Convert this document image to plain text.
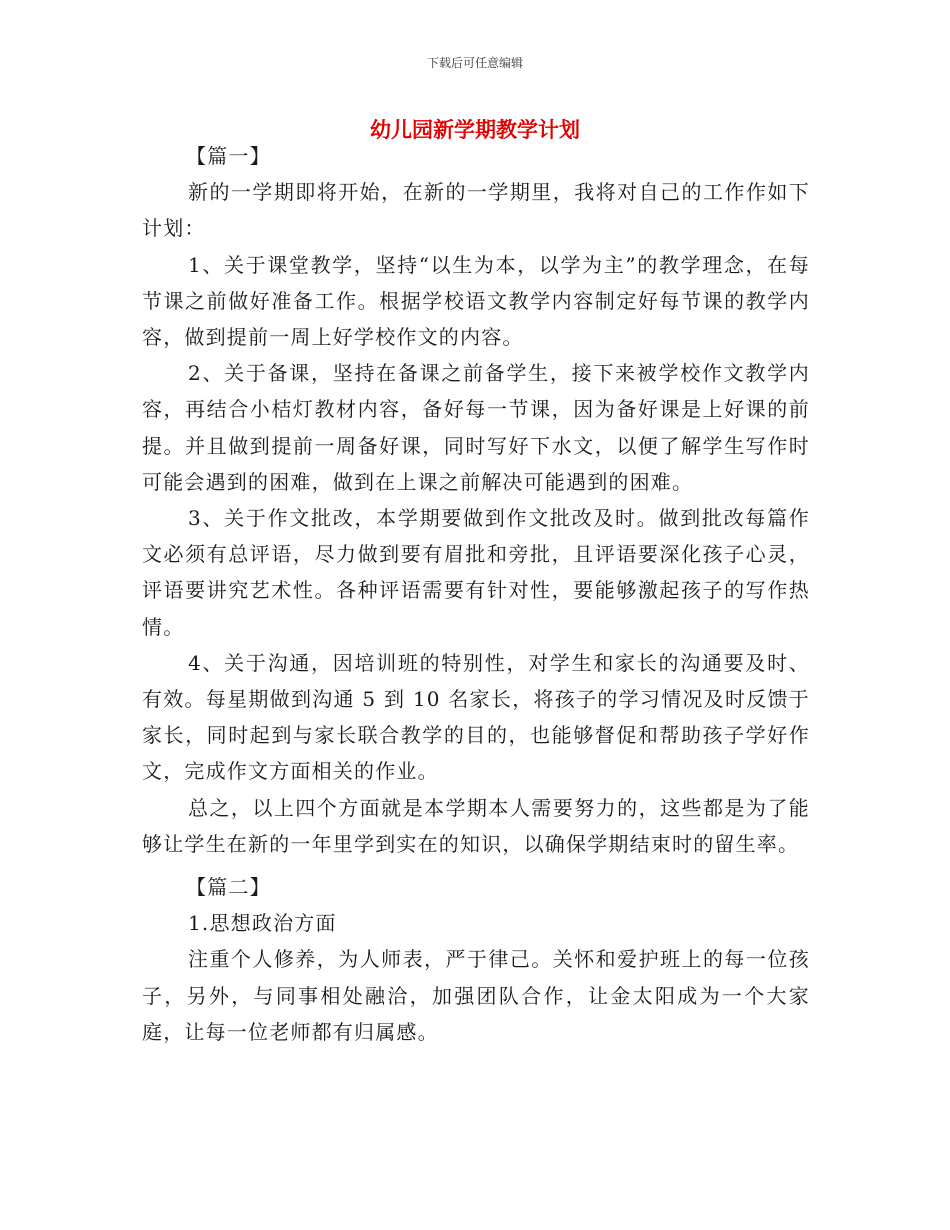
下载后可任意编辑
幼儿园新学期教学计划

【篇一】

新的一学期即将开始，在新的一学期里，我将对自己的工作作如下计划：

1、关于课堂教学，坚持“以生为本，以学为主”的教学理念，在每节课之前做好准备工作。根据学校语文教学内容制定好每节课的教学内容，做到提前一周上好学校作文的内容。

2、关于备课，坚持在备课之前备学生，接下来被学校作文教学内容，再结合小桔灯教材内容，备好每一节课，因为备好课是上好课的前提。并且做到提前一周备好课，同时写好下水文，以便了解学生写作时可能会遇到的困难，做到在上课之前解决可能遇到的困难。

3、关于作文批改，本学期要做到作文批改及时。做到批改每篇作文必须有总评语，尽力做到要有眉批和旁批，且评语要深化孩子心灵，评语要讲究艺术性。各种评语需要有针对性，要能够激起孩子的写作热情。

4、关于沟通，因培训班的特别性，对学生和家长的沟通要及时、有效。每星期做到沟通 5 到 10 名家长，将孩子的学习情况及时反馈于家长，同时起到与家长联合教学的目的，也能够督促和帮助孩子学好作文，完成作文方面相关的作业。

总之，以上四个方面就是本学期本人需要努力的，这些都是为了能够让学生在新的一年里学到实在的知识，以确保学期结束时的留生率。

【篇二】

1.思想政治方面

注重个人修养，为人师表，严于律己。关怀和爱护班上的每一位孩子，另外，与同事相处融洽，加强团队合作，让金太阳成为一个大家庭，让每一位老师都有归属感。
